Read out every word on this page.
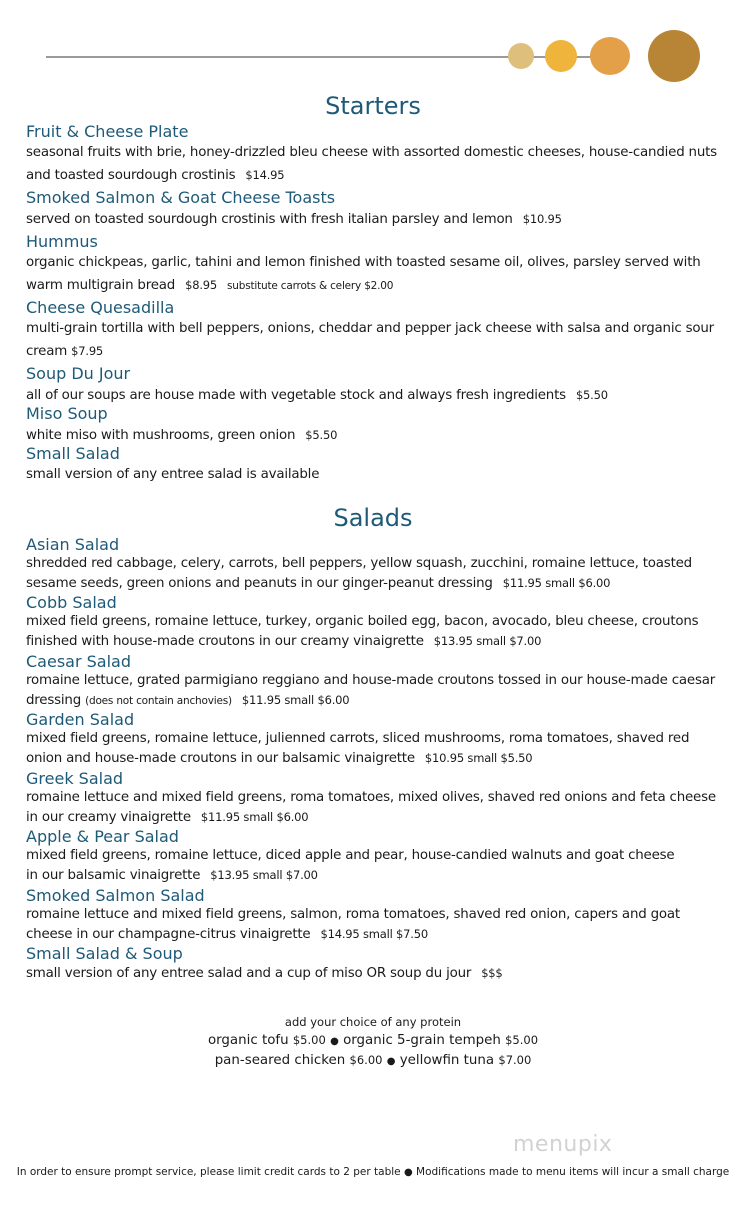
Starters
Fruit & Cheese Plate
seasonal fruits with brie, honey-drizzled bleu cheese with assorted domestic cheeses, house-candied nuts and toasted sourdough crostinis $14.95
Smoked Salmon & Goat Cheese Toasts
served on toasted sourdough crostinis with fresh italian parsley and lemon $10.95
Hummus
organic chickpeas, garlic, tahini and lemon finished with toasted sesame oil, olives, parsley served with warm multigrain bread $8.95 substitute carrots & celery $2.00
Cheese Quesadilla
multi-grain tortilla with bell peppers, onions, cheddar and pepper jack cheese with salsa and organic sour cream $7.95
Soup Du Jour
all of our soups are house made with vegetable stock and always fresh ingredients $5.50
Miso Soup
white miso with mushrooms, green onion $5.50
Small Salad
small version of any entree salad is available
Salads
Asian Salad
shredded red cabbage, celery, carrots, bell peppers, yellow squash, zucchini, romaine lettuce, toasted sesame seeds, green onions and peanuts in our ginger-peanut dressing $11.95 small $6.00
Cobb Salad
mixed field greens, romaine lettuce, turkey, organic boiled egg, bacon, avocado, bleu cheese, croutons finished with house-made croutons in our creamy vinaigrette $13.95 small $7.00
Caesar Salad
romaine lettuce, grated parmigiano reggiano and house-made croutons tossed in our house-made caesar dressing (does not contain anchovies) $11.95 small $6.00
Garden Salad
mixed field greens, romaine lettuce, julienned carrots, sliced mushrooms, roma tomatoes, shaved red onion and house-made croutons in our balsamic vinaigrette $10.95 small $5.50
Greek Salad
romaine lettuce and mixed field greens, roma tomatoes, mixed olives, shaved red onions and feta cheese in our creamy vinaigrette $11.95 small $6.00
Apple & Pear Salad
mixed field greens, romaine lettuce, diced apple and pear, house-candied walnuts and goat cheese
in our balsamic vinaigrette $13.95 small $7.00
Smoked Salmon Salad
romaine lettuce and mixed field greens, salmon, roma tomatoes, shaved red onion, capers and goat cheese in our champagne-citrus vinaigrette $14.95 small $7.50
Small Salad & Soup
small version of any entree salad and a cup of miso OR soup du jour $$$
add your choice of any protein
organic tofu $5.00 ● organic 5-grain tempeh $5.00
pan-seared chicken $6.00 ● yellowfin tuna $7.00
menupix
In order to ensure prompt service, please limit credit cards to 2 per table ● Modifications made to menu items will incur a small charge
